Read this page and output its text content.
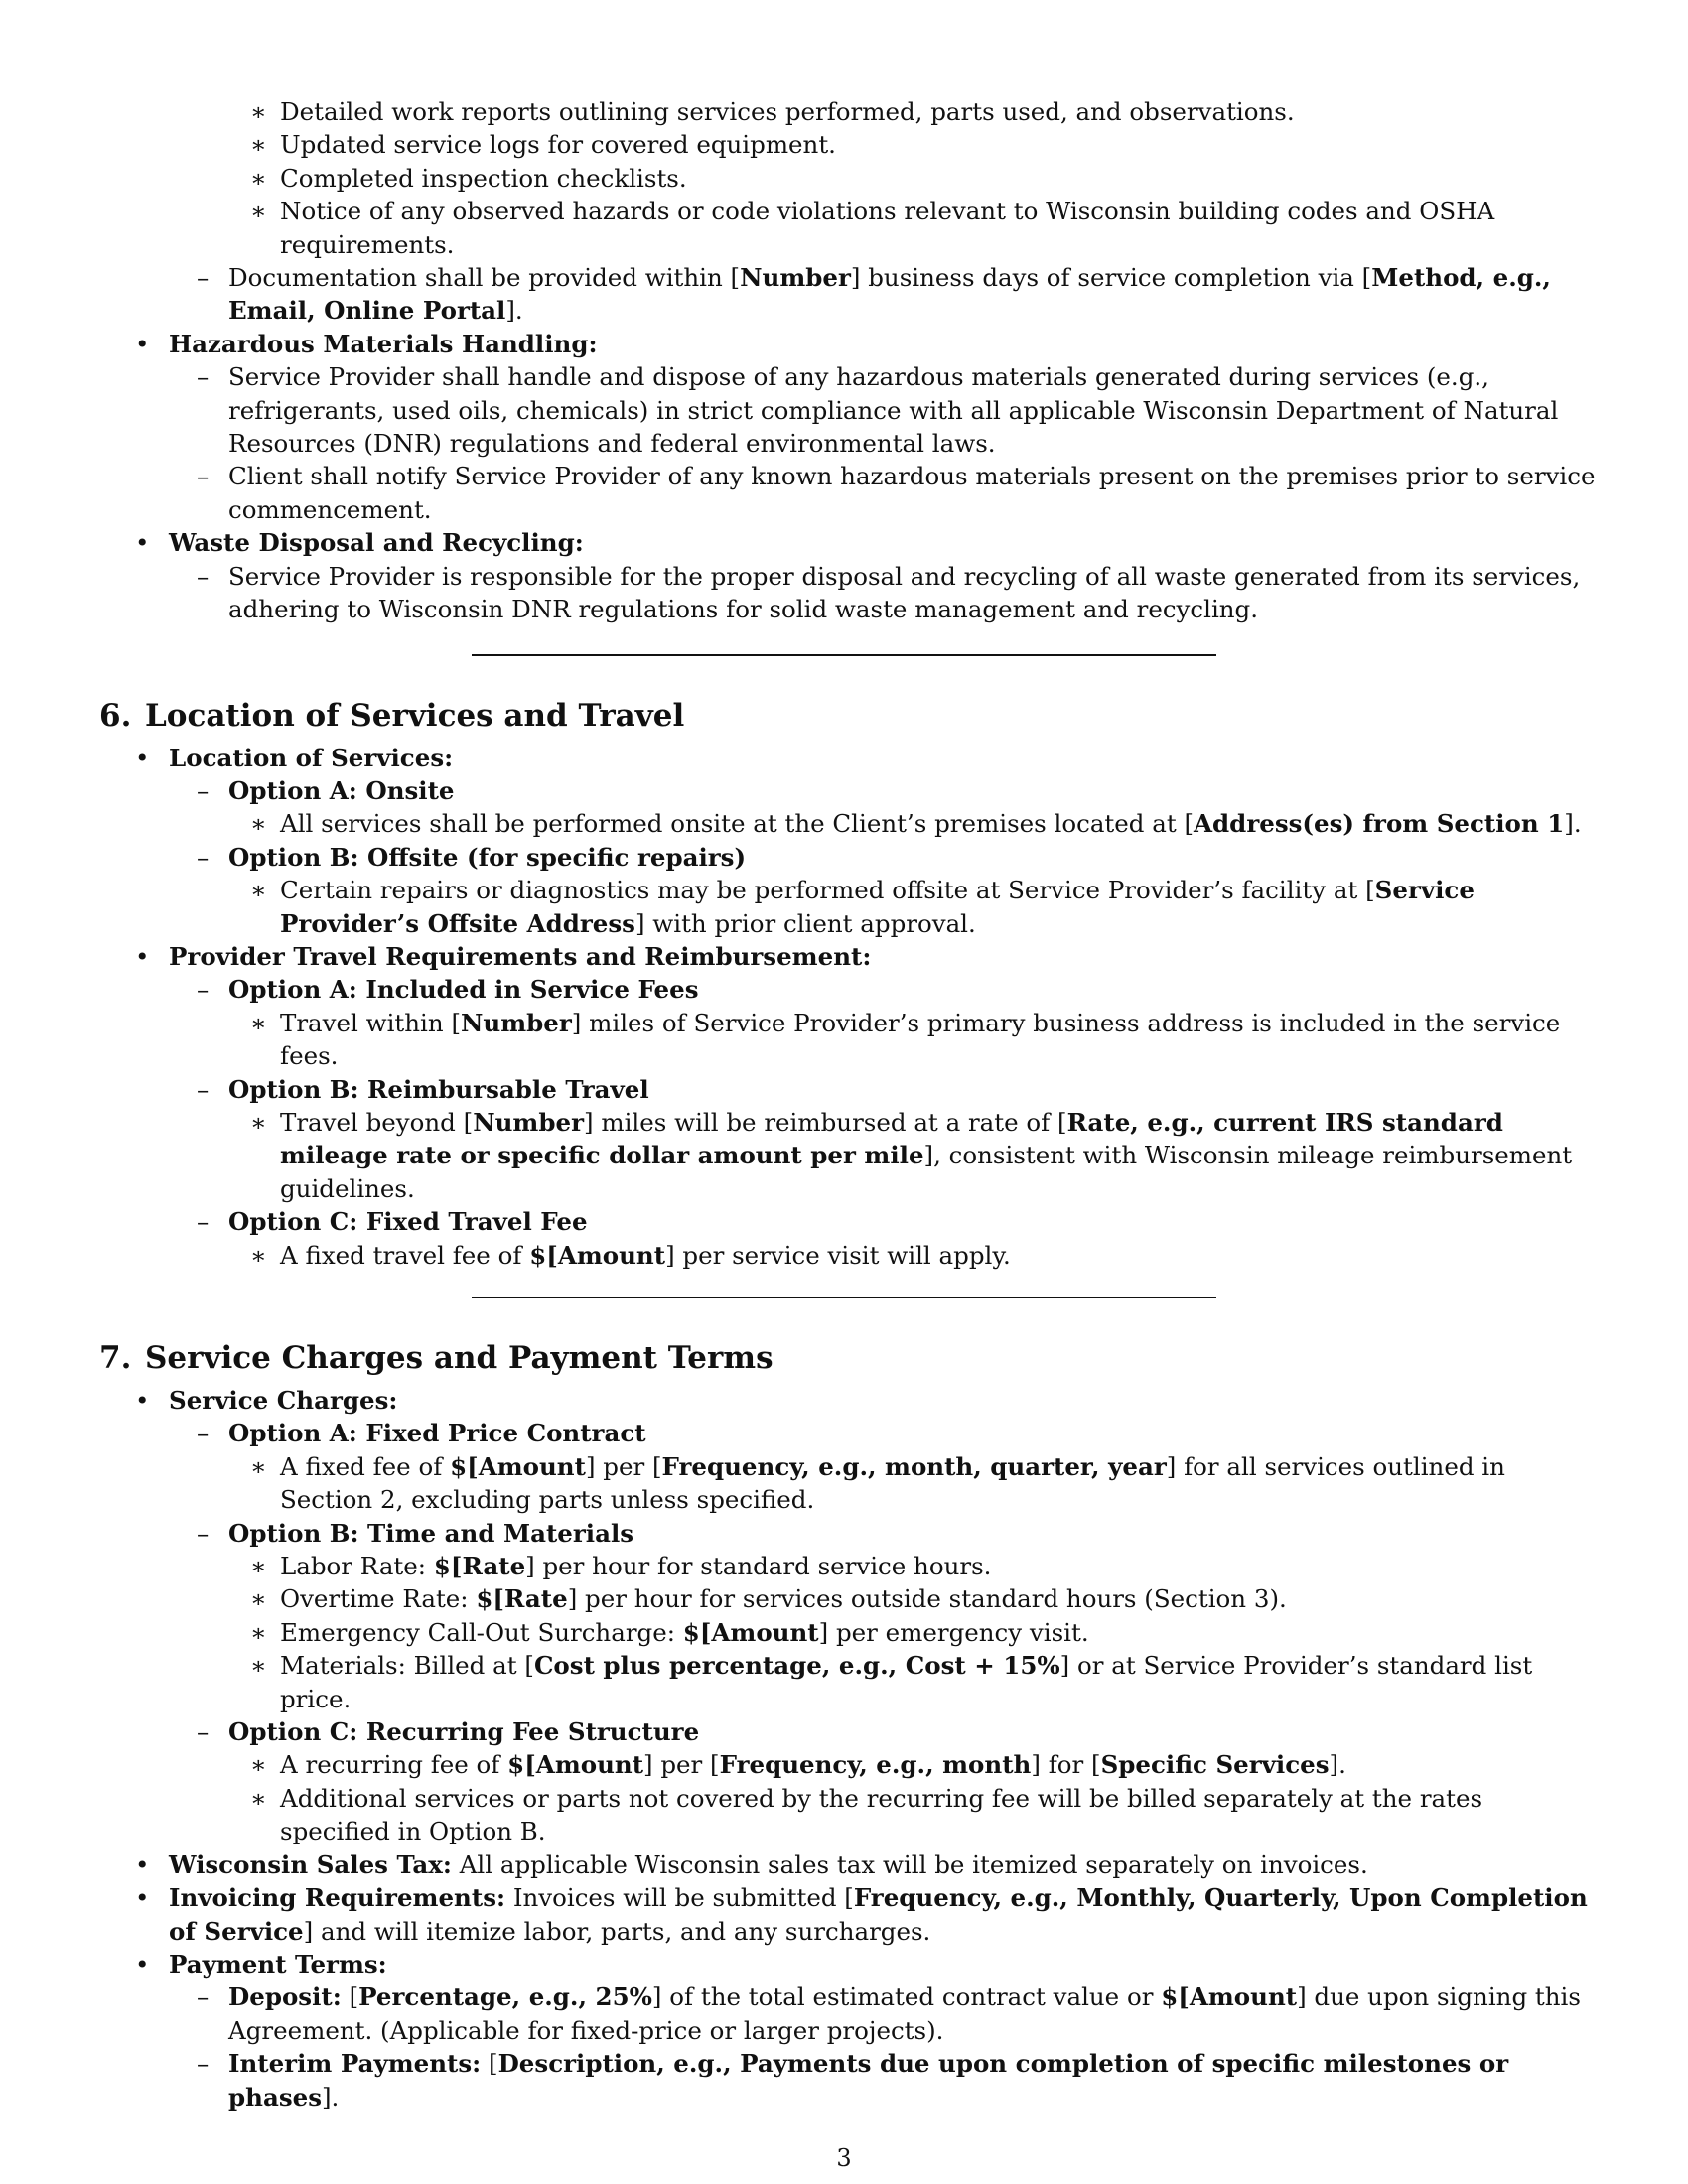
∗ Detailed work reports outlining services performed, parts used, and observations.

∗ Updated service logs for covered equipment.

∗ Completed inspection checklists.

∗ Notice of any observed hazards or code violations relevant to Wisconsin building codes and OSHA requirements.

– Documentation shall be provided within [Number] business days of service completion via [Method, e.g., Email, Online Portal].

• Hazardous Materials Handling:

– Service Provider shall handle and dispose of any hazardous materials generated during services (e.g., refrigerants, used oils, chemicals) in strict compliance with all applicable Wisconsin Department of Natural Resources (DNR) regulations and federal environmental laws.

– Client shall notify Service Provider of any known hazardous materials present on the premises prior to service commencement.

• Waste Disposal and Recycling:

– Service Provider is responsible for the proper disposal and recycling of all waste generated from its services, adhering to Wisconsin DNR regulations for solid waste management and recycling.

6. Location of Services and Travel

• Location of Services:

– Option A: Onsite

∗ All services shall be performed onsite at the Client’s premises located at [Address(es) from Section 1].

– Option B: Offsite (for specific repairs)

∗ Certain repairs or diagnostics may be performed offsite at Service Provider’s facility at [Service Provider’s Offsite Address] with prior client approval.

• Provider Travel Requirements and Reimbursement:

– Option A: Included in Service Fees

∗ Travel within [Number] miles of Service Provider’s primary business address is included in the service fees.

– Option B: Reimbursable Travel

∗ Travel beyond [Number] miles will be reimbursed at a rate of [Rate, e.g., current IRS standard mileage rate or specific dollar amount per mile], consistent with Wisconsin mileage reimbursement guidelines.

– Option C: Fixed Travel Fee

∗ A fixed travel fee of $[Amount] per service visit will apply.

7. Service Charges and Payment Terms

• Service Charges:

– Option A: Fixed Price Contract

∗ A fixed fee of $[Amount] per [Frequency, e.g., month, quarter, year] for all services outlined in Section 2, excluding parts unless specified.

– Option B: Time and Materials

∗ Labor Rate: $[Rate] per hour for standard service hours.

∗ Overtime Rate: $[Rate] per hour for services outside standard hours (Section 3).

∗ Emergency Call-Out Surcharge: $[Amount] per emergency visit.

∗ Materials: Billed at [Cost plus percentage, e.g., Cost + 15%] or at Service Provider’s standard list price.

– Option C: Recurring Fee Structure

∗ A recurring fee of $[Amount] per [Frequency, e.g., month] for [Specific Services].

∗ Additional services or parts not covered by the recurring fee will be billed separately at the rates specified in Option B.

• Wisconsin Sales Tax: All applicable Wisconsin sales tax will be itemized separately on invoices.

• Invoicing Requirements: Invoices will be submitted [Frequency, e.g., Monthly, Quarterly, Upon Completion of Service] and will itemize labor, parts, and any surcharges.

• Payment Terms:

– Deposit: [Percentage, e.g., 25%] of the total estimated contract value or $[Amount] due upon signing this Agreement. (Applicable for fixed-price or larger projects).

– Interim Payments: [Description, e.g., Payments due upon completion of specific milestones or phases].

3
